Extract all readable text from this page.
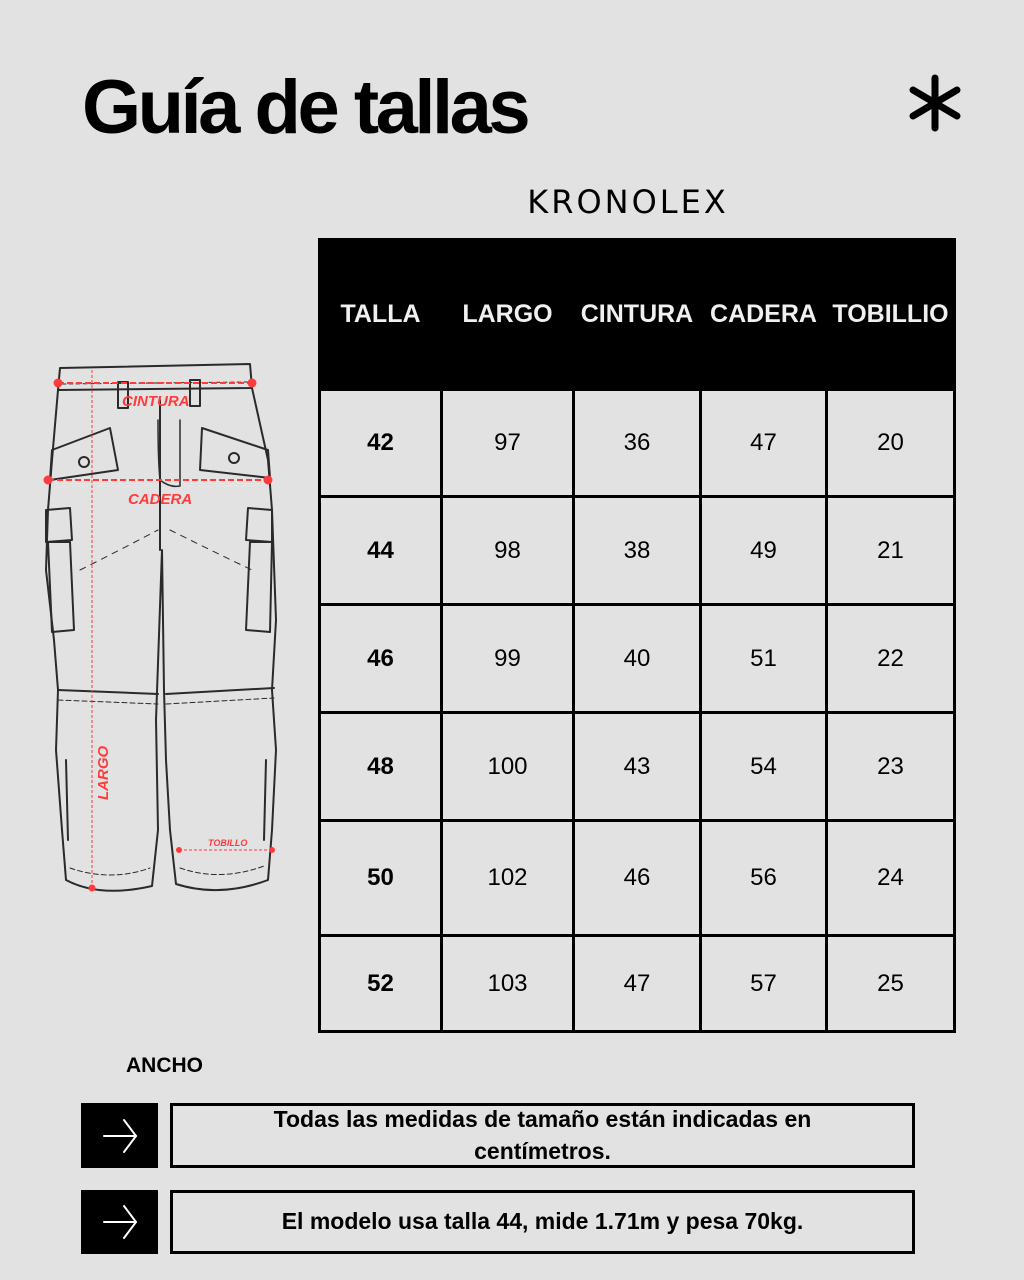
Guía de tallas
KRONOLEX
CINTURA
CADERA
LARGO
TOBILLO
TALLA	LARGO	CINTURA	CADERA	TOBILLIO
42	97	36	47	20
44	98	38	49	21
46	99	40	51	22
48	100	43	54	23
50	102	46	56	24
52	103	47	57	25
ANCHO
Todas las medidas de tamaño están indicadas en centímetros.
El modelo usa talla 44, mide 1.71m y pesa 70kg.
